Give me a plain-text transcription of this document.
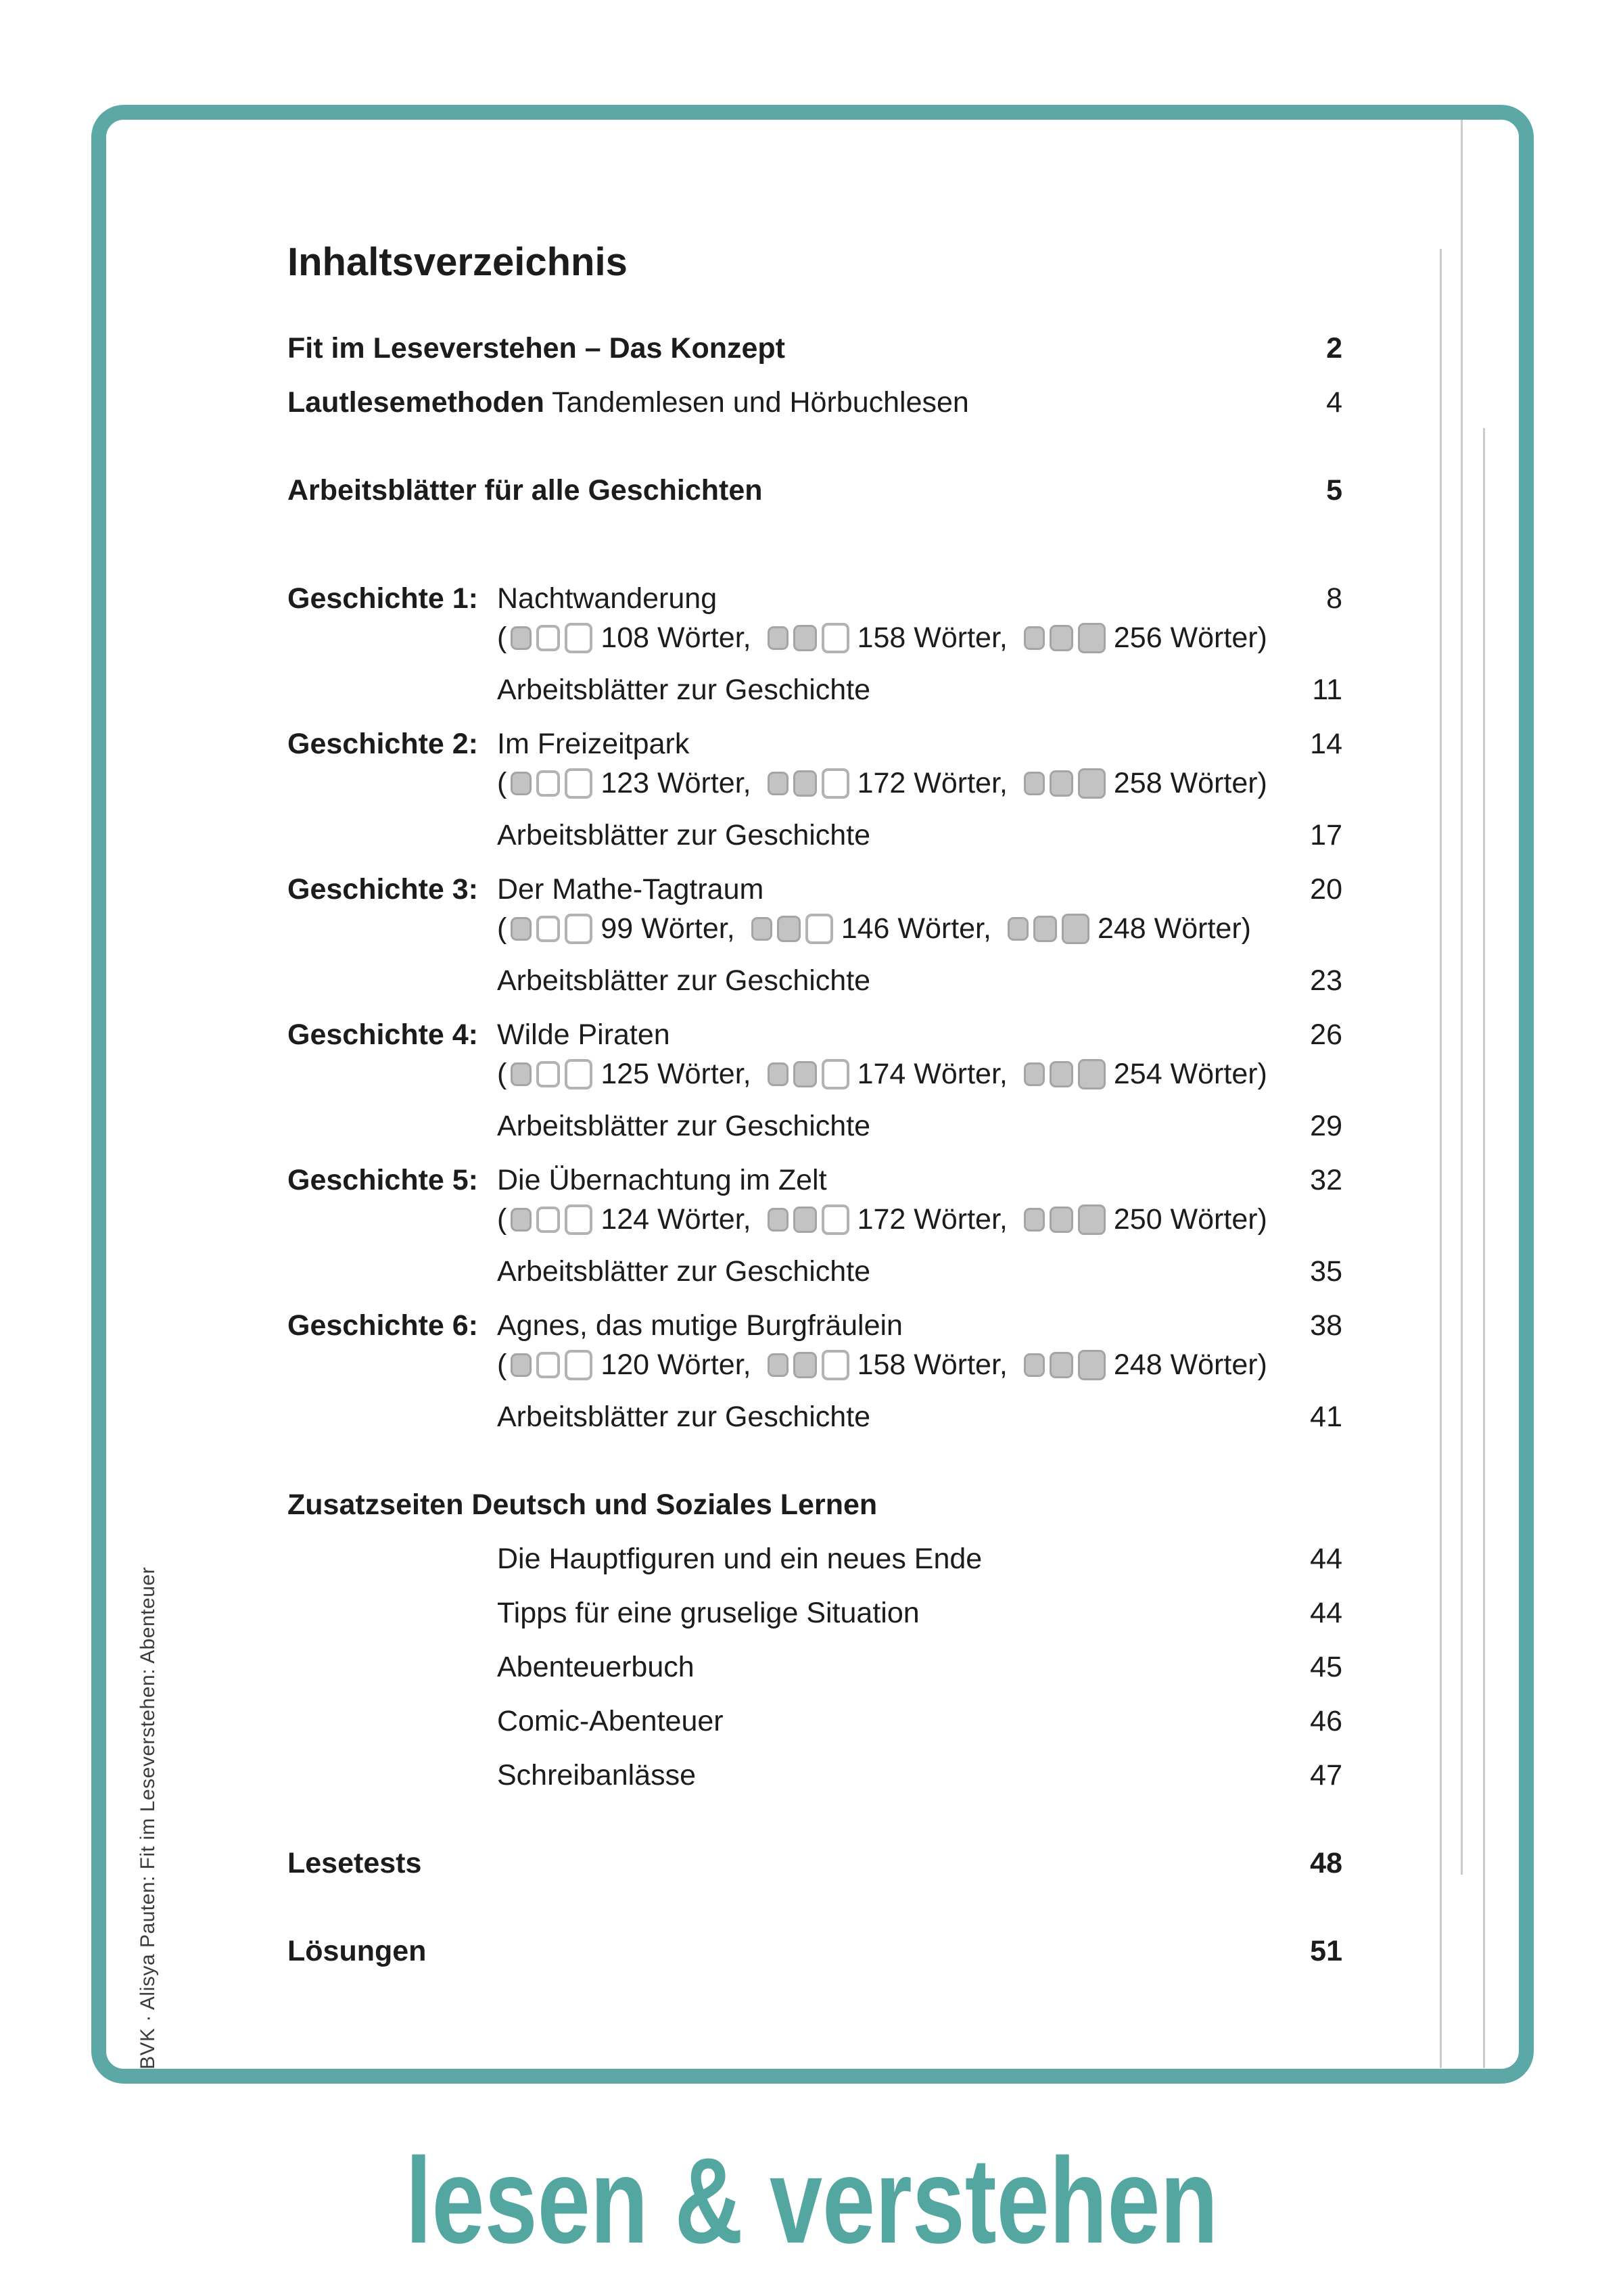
BVK · Alisya Pauten: Fit im Leseverstehen: Abenteuer
Inhaltsverzeichnis
Fit im Leseverstehen – Das Konzept	2
Lautlesemethoden Tandemlesen und Hörbuchlesen	4
Arbeitsblätter für alle Geschichten	5
Geschichte 1: Nachtwanderung	8
(	108 Wörter,	158 Wörter,	256 Wörter)
Arbeitsblätter zur Geschichte	11
Geschichte 2: Im Freizeitpark	14
(	123 Wörter,	172 Wörter,	258 Wörter)
Arbeitsblätter zur Geschichte	17
Geschichte 3: Der Mathe-Tagtraum	20
(	99 Wörter,	146 Wörter,	248 Wörter)
Arbeitsblätter zur Geschichte	23
Geschichte 4: Wilde Piraten	26
(	125 Wörter,	174 Wörter,	254 Wörter)
Arbeitsblätter zur Geschichte	29
Geschichte 5: Die Übernachtung im Zelt	32
(	124 Wörter,	172 Wörter,	250 Wörter)
Arbeitsblätter zur Geschichte	35
Geschichte 6: Agnes, das mutige Burgfräulein	38
(	120 Wörter,	158 Wörter,	248 Wörter)
Arbeitsblätter zur Geschichte	41
Zusatzseiten Deutsch und Soziales Lernen
Die Hauptfiguren und ein neues Ende	44
Tipps für eine gruselige Situation	44
Abenteuerbuch	45
Comic-Abenteuer	46
Schreibanlässe	47
Lesetests	48
Lösungen	51
lesen & verstehen
